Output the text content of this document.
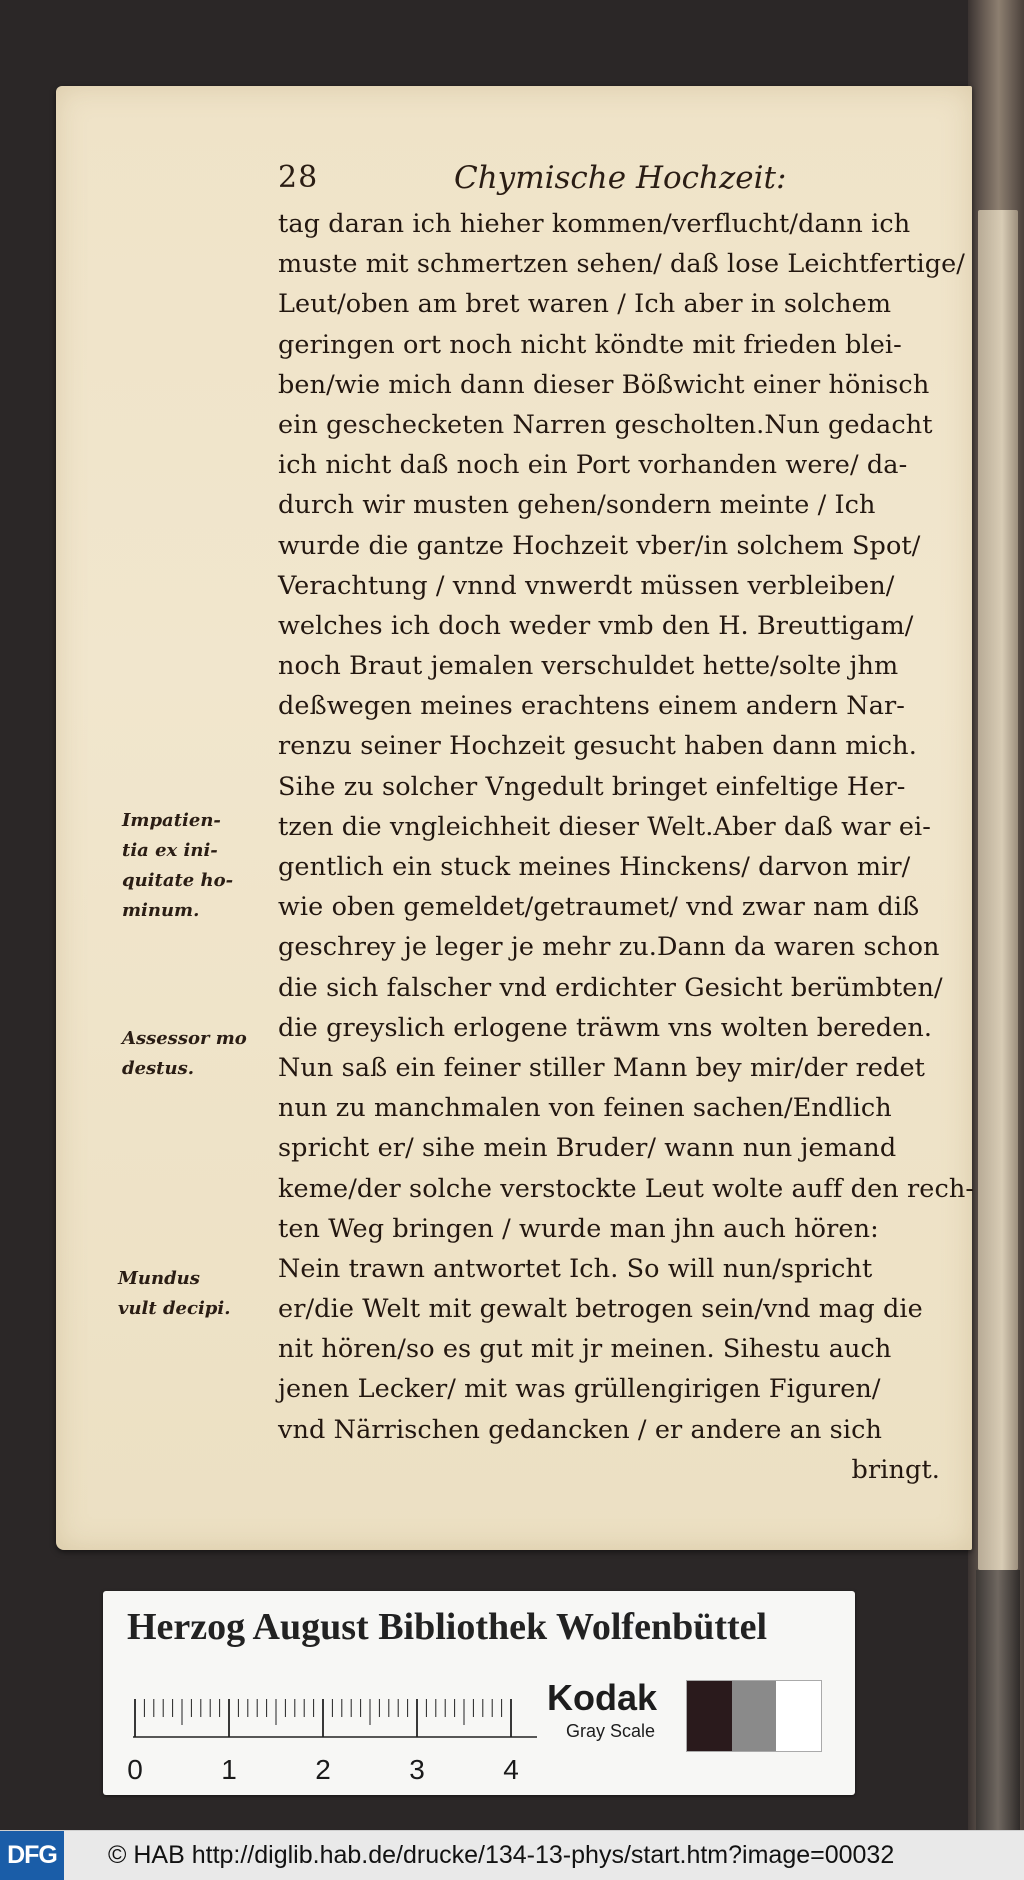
28	Chymische Hochzeit:
tag daran ich hieher kommen/verflucht/dann ich
muste mit schmertzen sehen/ daß lose Leichtfertige/
Leut/oben am bret waren / Ich aber in solchem
geringen ort noch nicht köndte mit frieden blei-
ben/wie mich dann dieser Bößwicht einer hönisch
ein geschecketen Narren gescholten.Nun gedacht
ich nicht daß noch ein Port vorhanden were/ da-
durch wir musten gehen/sondern meinte / Ich
wurde die gantze Hochzeit vber/in solchem Spot/
Verachtung / vnnd vnwerdt müssen verbleiben/
welches ich doch weder vmb den H. Breuttigam/
noch Braut jemalen verschuldet hette/solte jhm
deßwegen meines erachtens einem andern Nar-
renzu seiner Hochzeit gesucht haben dann mich.
Sihe zu solcher Vngedult bringet einfeltige Her-
tzen die vngleichheit dieser Welt.Aber daß war ei-
gentlich ein stuck meines Hinckens/ darvon mir/
wie oben gemeldet/getraumet/ vnd zwar nam diß
geschrey je leger je mehr zu.Dann da waren schon
die sich falscher vnd erdichter Gesicht berümbten/
die greyslich erlogene träwm vns wolten bereden.
Nun saß ein feiner stiller Mann bey mir/der redet
nun zu manchmalen von feinen sachen/Endlich
spricht er/ sihe mein Bruder/ wann nun jemand
keme/der solche verstockte Leut wolte auff den rech-
ten Weg bringen / wurde man jhn auch hören:
Nein trawn antwortet Ich. So will nun/spricht
er/die Welt mit gewalt betrogen sein/vnd mag die
nit hören/so es gut mit jr meinen. Sihestu auch
jenen Lecker/ mit was grüllengirigen Figuren/
vnd Närrischen gedancken / er andere an sich
bringt.
Impatien-
tia ex ini-
quitate ho-
minum.
Assessor mo
destus.
Mundus
vult decipi.
Herzog August Bibliothek Wolfenbüttel
0	1	2	3	4
Kodak
Gray Scale
DFG © HAB http://diglib.hab.de/drucke/134-13-phys/start.htm?image=00032
